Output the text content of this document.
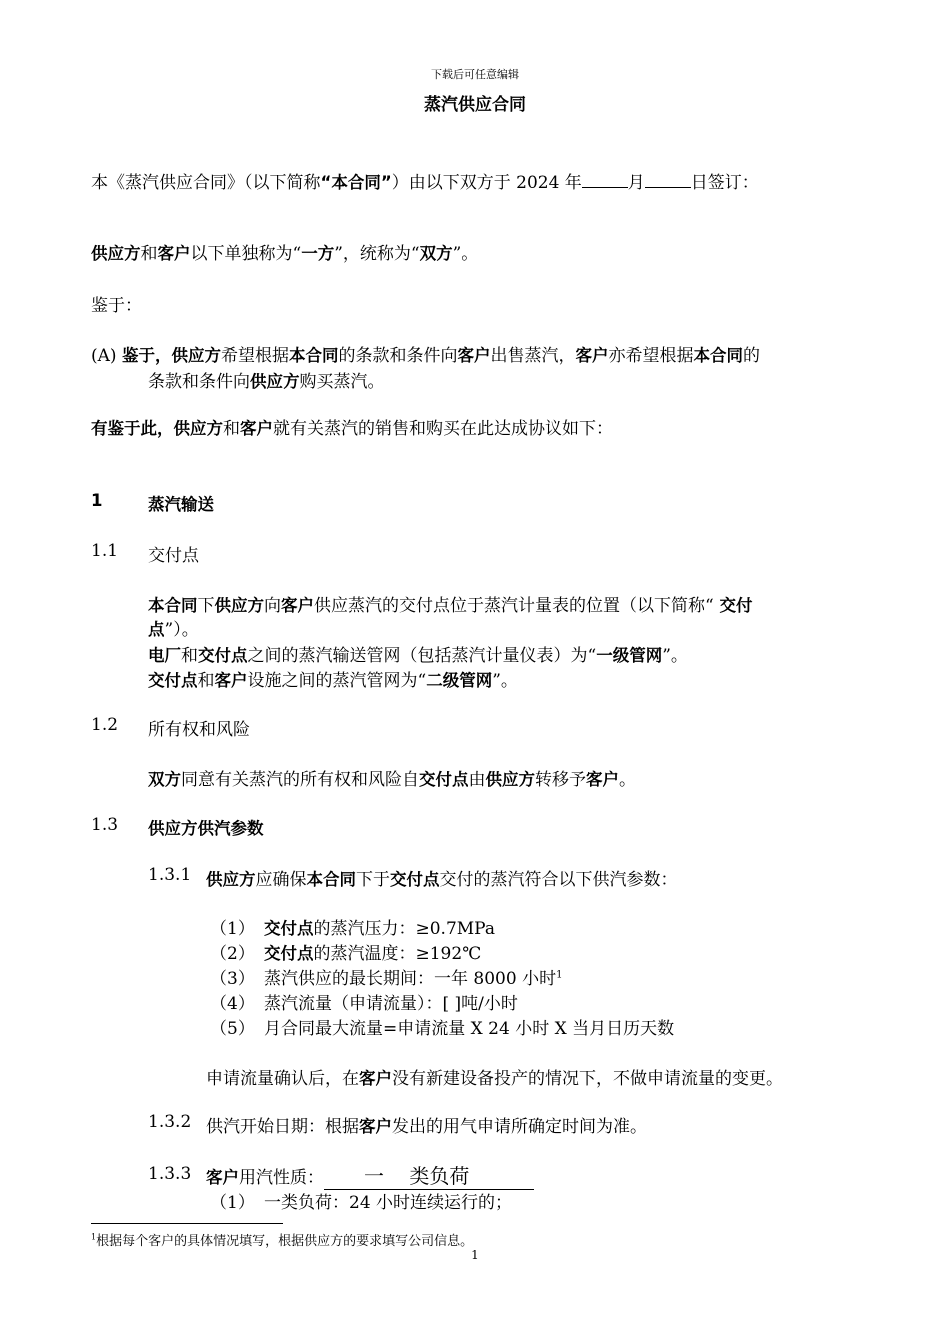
下载后可任意编辑
蒸汽供应合同
本《蒸汽供应合同》（以下简称“本合同”）由以下双方于 2024 年	月	日签订：
供应方和客户以下单独称为“一方”，统称为“双方”。
鉴于：
(A) 鉴于，供应方希望根据本合同的条款和条件向客户出售蒸汽，客户亦希望根据本合同的
条款和条件向供应方购买蒸汽。
有鉴于此，供应方和客户就有关蒸汽的销售和购买在此达成协议如下：
1	蒸汽输送
1.1 交付点
本合同下供应方向客户供应蒸汽的交付点位于蒸汽计量表的位置（以下简称“ 交付
点”）。
电厂和交付点之间的蒸汽输送管网（包括蒸汽计量仪表）为“一级管网”。
交付点和客户设施之间的蒸汽管网为“二级管网”。
1.2 所有权和风险
双方同意有关蒸汽的所有权和风险自交付点由供应方转移予客户。
1.3 供应方供汽参数
1.3.1 供应方应确保本合同下于交付点交付的蒸汽符合以下供汽参数：
（1） 交付点的蒸汽压力：≥0.7MPa
（2） 交付点的蒸汽温度：≥192℃
（3） 蒸汽供应的最长期间：一年 8000 小时$^1$
（4） 蒸汽流量（申请流量）：[ ]吨/小时
（5） 月合同最大流量=申请流量 X 24 小时 X 当月日历天数
申请流量确认后，在客户没有新建设备投产的情况下，不做申请流量的变更。
1.3.2 供汽开始日期：根据客户发出的用气申请所确定时间为准。
1.3.3 客户用汽性质： 一    类负荷
（1） 一类负荷：24 小时连续运行的；
$^1$根据每个客户的具体情况填写，根据供应方的要求填写公司信息。
1
